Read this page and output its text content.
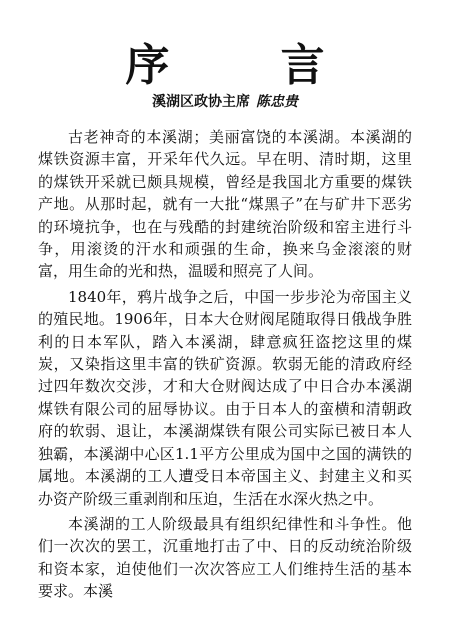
序 言
溪湖区政协主席 陈忠贵

古老神奇的本溪湖；美丽富饶的本溪湖。本溪湖的煤铁资源丰富，开采年代久远。早在明、清时期，这里的煤铁开采就已颇具规模，曾经是我国北方重要的煤铁产地。从那时起，就有一大批“煤黑子”在与矿井下恶劣的环境抗争，也在与残酷的封建统治阶级和窑主进行斗争，用滚烫的汗水和顽强的生命，换来乌金滚滚的财富，用生命的光和热，温暖和照亮了人间。

1840年，鸦片战争之后，中国一步步沦为帝国主义的殖民地。1906年，日本大仓财阀尾随取得日俄战争胜利的日本军队，踏入本溪湖，肆意疯狂盗挖这里的煤炭，又染指这里丰富的铁矿资源。软弱无能的清政府经过四年数次交涉，才和大仓财阀达成了中日合办本溪湖煤铁有限公司的屈辱协议。由于日本人的蛮横和清朝政府的软弱、退让，本溪湖煤铁有限公司实际已被日本人独霸，本溪湖中心区1.1平方公里成为国中之国的满铁的属地。本溪湖的工人遭受日本帝国主义、封建主义和买办资产阶级三重剥削和压迫，生活在水深火热之中。

本溪湖的工人阶级最具有组织纪律性和斗争性。他们一次次的罢工，沉重地打击了中、日的反动统治阶级和资本家，迫使他们一次次答应工人们维持生活的基本要求。本溪
